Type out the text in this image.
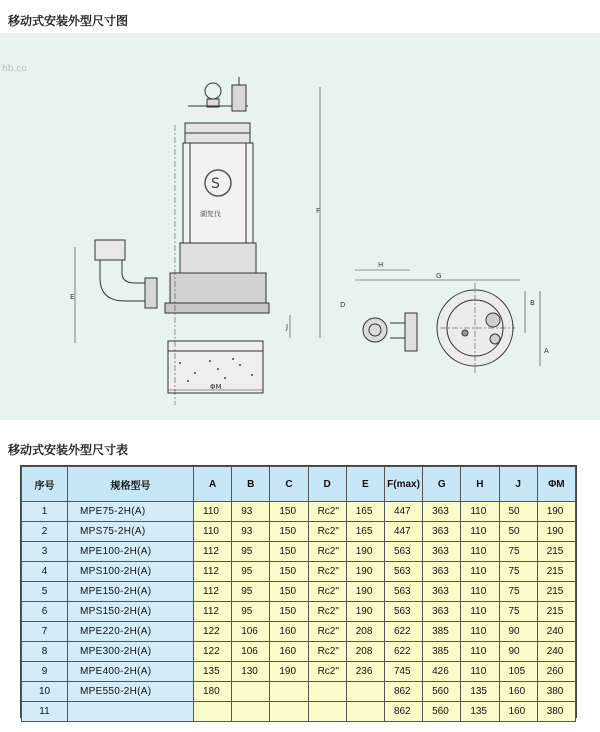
移动式安装外型尺寸图
hb.co
S
湖复伐	F
E
J
ΦM
H
G
B
A
D
移动式安装外型尺寸表
序号	规格型号	A	B	C	D	E	F(max)	G	H	J	ΦM
1	MPE75-2H(A)	110	93	150	Rc2"	165	447	363	110	50	190
2	MPS75-2H(A)	110	93	150	Rc2"	165	447	363	110	50	190
3	MPE100-2H(A)	112	95	150	Rc2"	190	563	363	110	75	215
4	MPS100-2H(A)	112	95	150	Rc2"	190	563	363	110	75	215
5	MPE150-2H(A)	112	95	150	Rc2"	190	563	363	110	75	215
6	MPS150-2H(A)	112	95	150	Rc2"	190	563	363	110	75	215
7	MPE220-2H(A)	122	106	160	Rc2"	208	622	385	110	90	240
8	MPE300-2H(A)	122	106	160	Rc2"	208	622	385	110	90	240
9	MPE400-2H(A)	135	130	190	Rc2"	236	745	426	110	105	260
10	MPE550-2H(A)	180					862	560	135	160	380
11							862	560	135	160	380
